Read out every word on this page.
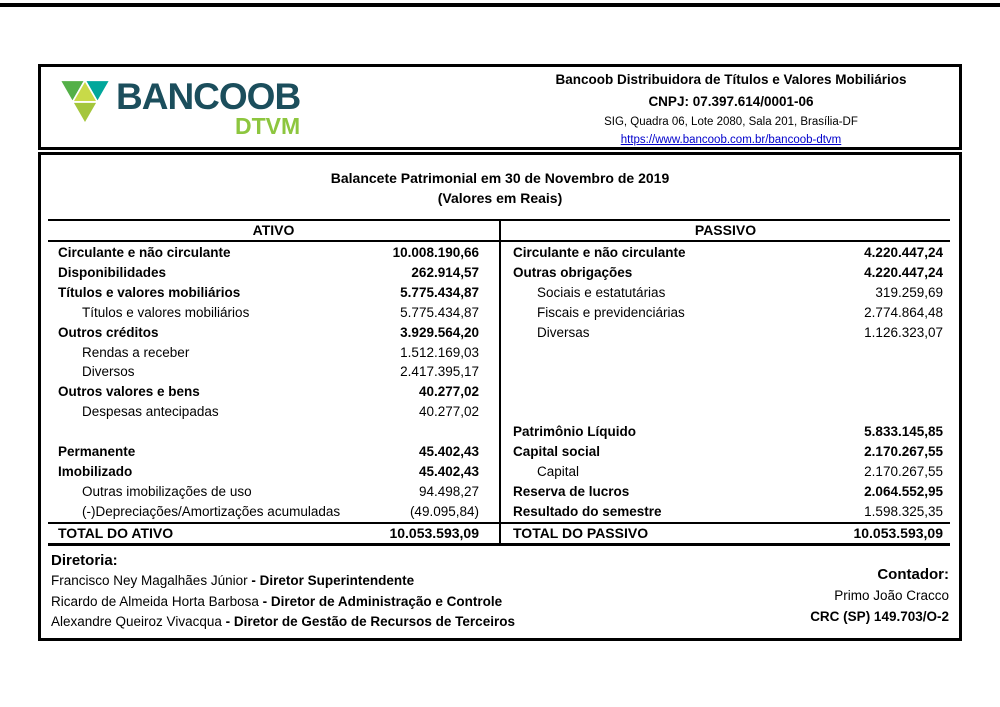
BANCOOB
DTVM
Bancoob Distribuidora de Títulos e Valores Mobiliários
CNPJ: 07.397.614/0001-06
SIG, Quadra 06, Lote 2080, Sala 201, Brasília-DF
https://www.bancoob.com.br/bancoob-dtvm
Balancete Patrimonial em 30 de Novembro de 2019
(Valores em Reais)
ATIVO	PASSIVO
Circulante e não circulante	10.008.190,66
Disponibilidades	262.914,57
Títulos e valores mobiliários	5.775.434,87
Títulos e valores mobiliários	5.775.434,87
Outros créditos	3.929.564,20
Rendas a receber	1.512.169,03
Diversos	2.417.395,17
Outros valores e bens	40.277,02
Despesas antecipadas	40.277,02
Permanente	45.402,43
Imobilizado	45.402,43
Outras imobilizações de uso	94.498,27
(-)Depreciações/Amortizações acumuladas	(49.095,84)
Circulante e não circulante	4.220.447,24
Outras obrigações	4.220.447,24
Sociais e estatutárias	319.259,69
Fiscais e previdenciárias	2.774.864,48
Diversas	1.126.323,07
Patrimônio Líquido	5.833.145,85
Capital social	2.170.267,55
Capital	2.170.267,55
Reserva de lucros	2.064.552,95
Resultado do semestre	1.598.325,35
TOTAL DO ATIVO	10.053.593,09 TOTAL DO PASSIVO	10.053.593,09
Diretoria:
Francisco Ney Magalhães Júnior - Diretor Superintendente
Ricardo de Almeida Horta Barbosa - Diretor de Administração e Controle
Alexandre Queiroz Vivacqua - Diretor de Gestão de Recursos de Terceiros
Contador:
Primo João Cracco
CRC (SP) 149.703/O-2
